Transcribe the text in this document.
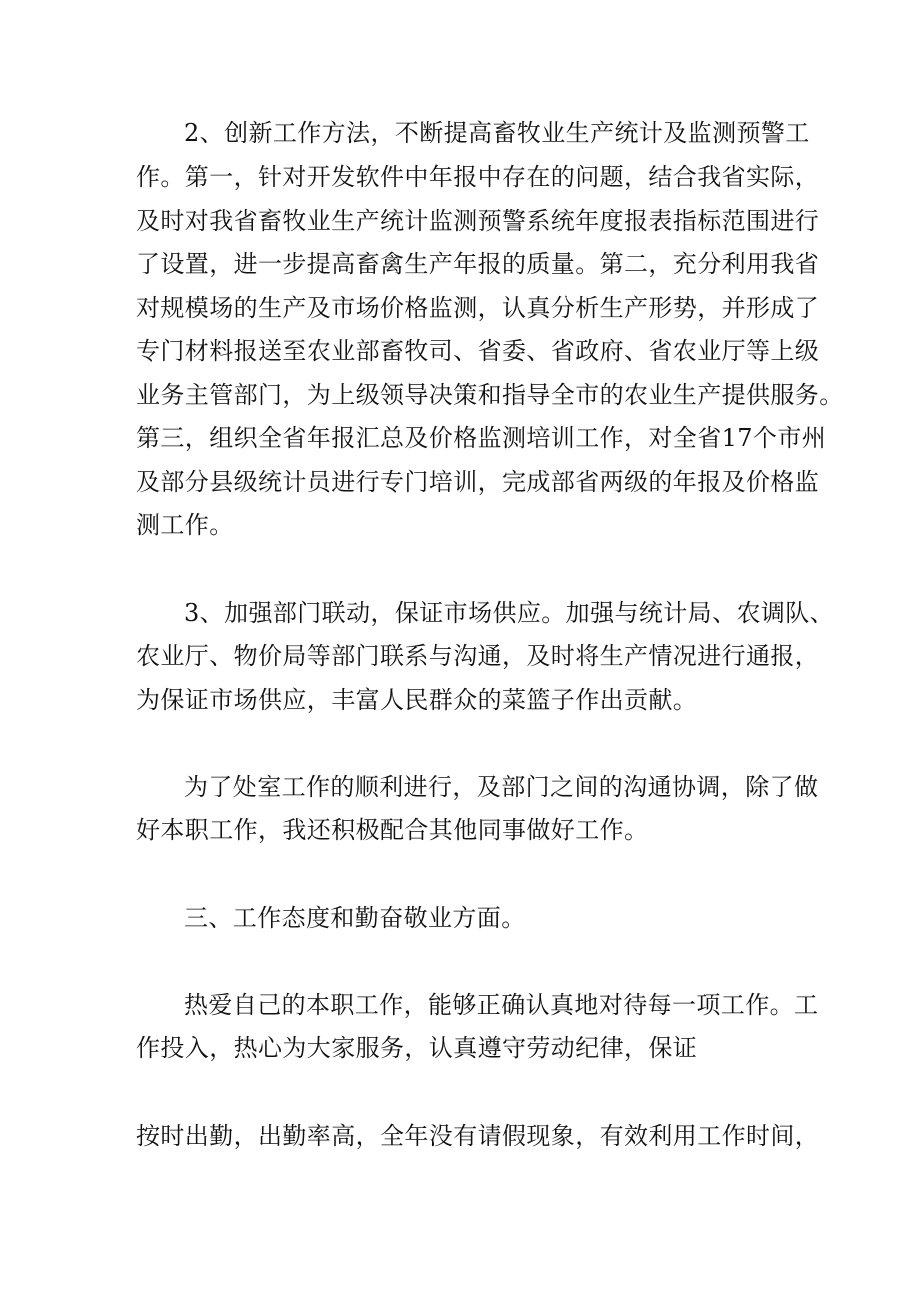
2、创新工作方法，不断提高畜牧业生产统计及监测预警工
作。第一，针对开发软件中年报中存在的问题，结合我省实际，
及时对我省畜牧业生产统计监测预警系统年度报表指标范围进行
了设置，进一步提高畜禽生产年报的质量。第二，充分利用我省
对规模场的生产及市场价格监测，认真分析生产形势，并形成了
专门材料报送至农业部畜牧司、省委、省政府、省农业厅等上级
业务主管部门，为上级领导决策和指导全市的农业生产提供服务。
第三，组织全省年报汇总及价格监测培训工作，对全省17个市州
及部分县级统计员进行专门培训，完成部省两级的年报及价格监
测工作。
3、加强部门联动，保证市场供应。加强与统计局、农调队、
农业厅、物价局等部门联系与沟通，及时将生产情况进行通报，
为保证市场供应，丰富人民群众的菜篮子作出贡献。
为了处室工作的顺利进行，及部门之间的沟通协调，除了做
好本职工作，我还积极配合其他同事做好工作。
三、工作态度和勤奋敬业方面。
热爱自己的本职工作，能够正确认真地对待每一项工作。工
作投入，热心为大家服务，认真遵守劳动纪律，保证
按时出勤，出勤率高，全年没有请假现象，有效利用工作时间，
